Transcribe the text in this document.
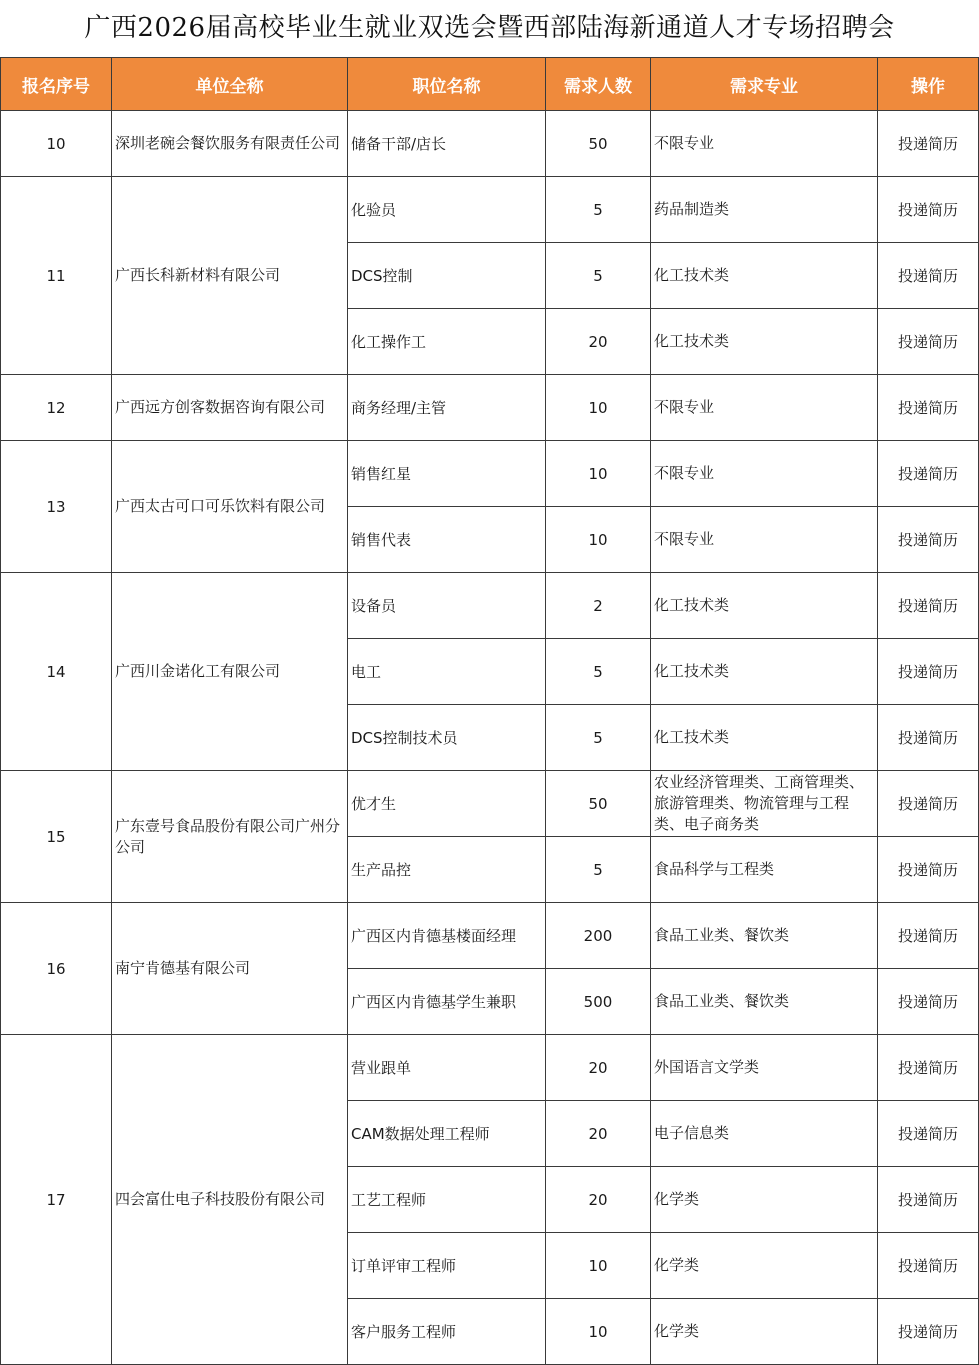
广西2026届高校毕业生就业双选会暨西部陆海新通道人才专场招聘会
报名序号	单位全称	职位名称	需求人数	需求专业	操作
10	深圳老碗会餐饮服务有限责任公司	储备干部/店长	50	不限专业	投递简历
11	广西长科新材料有限公司	化验员	5	药品制造类	投递简历
		DCS控制	5	化工技术类	投递简历
		化工操作工	20	化工技术类	投递简历
12	广西远方创客数据咨询有限公司	商务经理/主管	10	不限专业	投递简历
13	广西太古可口可乐饮料有限公司	销售红星	10	不限专业	投递简历
		销售代表	10	不限专业	投递简历
14	广西川金诺化工有限公司	设备员	2	化工技术类	投递简历
		电工	5	化工技术类	投递简历
		DCS控制技术员	5	化工技术类	投递简历
15	广东壹号食品股份有限公司广州分公司	优才生	50	农业经济管理类、工商管理类、旅游管理类、物流管理与工程类、电子商务类	投递简历
		生产品控	5	食品科学与工程类	投递简历
16	南宁肯德基有限公司	广西区内肯德基楼面经理	200	食品工业类、餐饮类	投递简历
		广西区内肯德基学生兼职	500	食品工业类、餐饮类	投递简历
17	四会富仕电子科技股份有限公司	营业跟单	20	外国语言文学类	投递简历
		CAM数据处理工程师	20	电子信息类	投递简历
		工艺工程师	20	化学类	投递简历
		订单评审工程师	10	化学类	投递简历
		客户服务工程师	10	化学类	投递简历
